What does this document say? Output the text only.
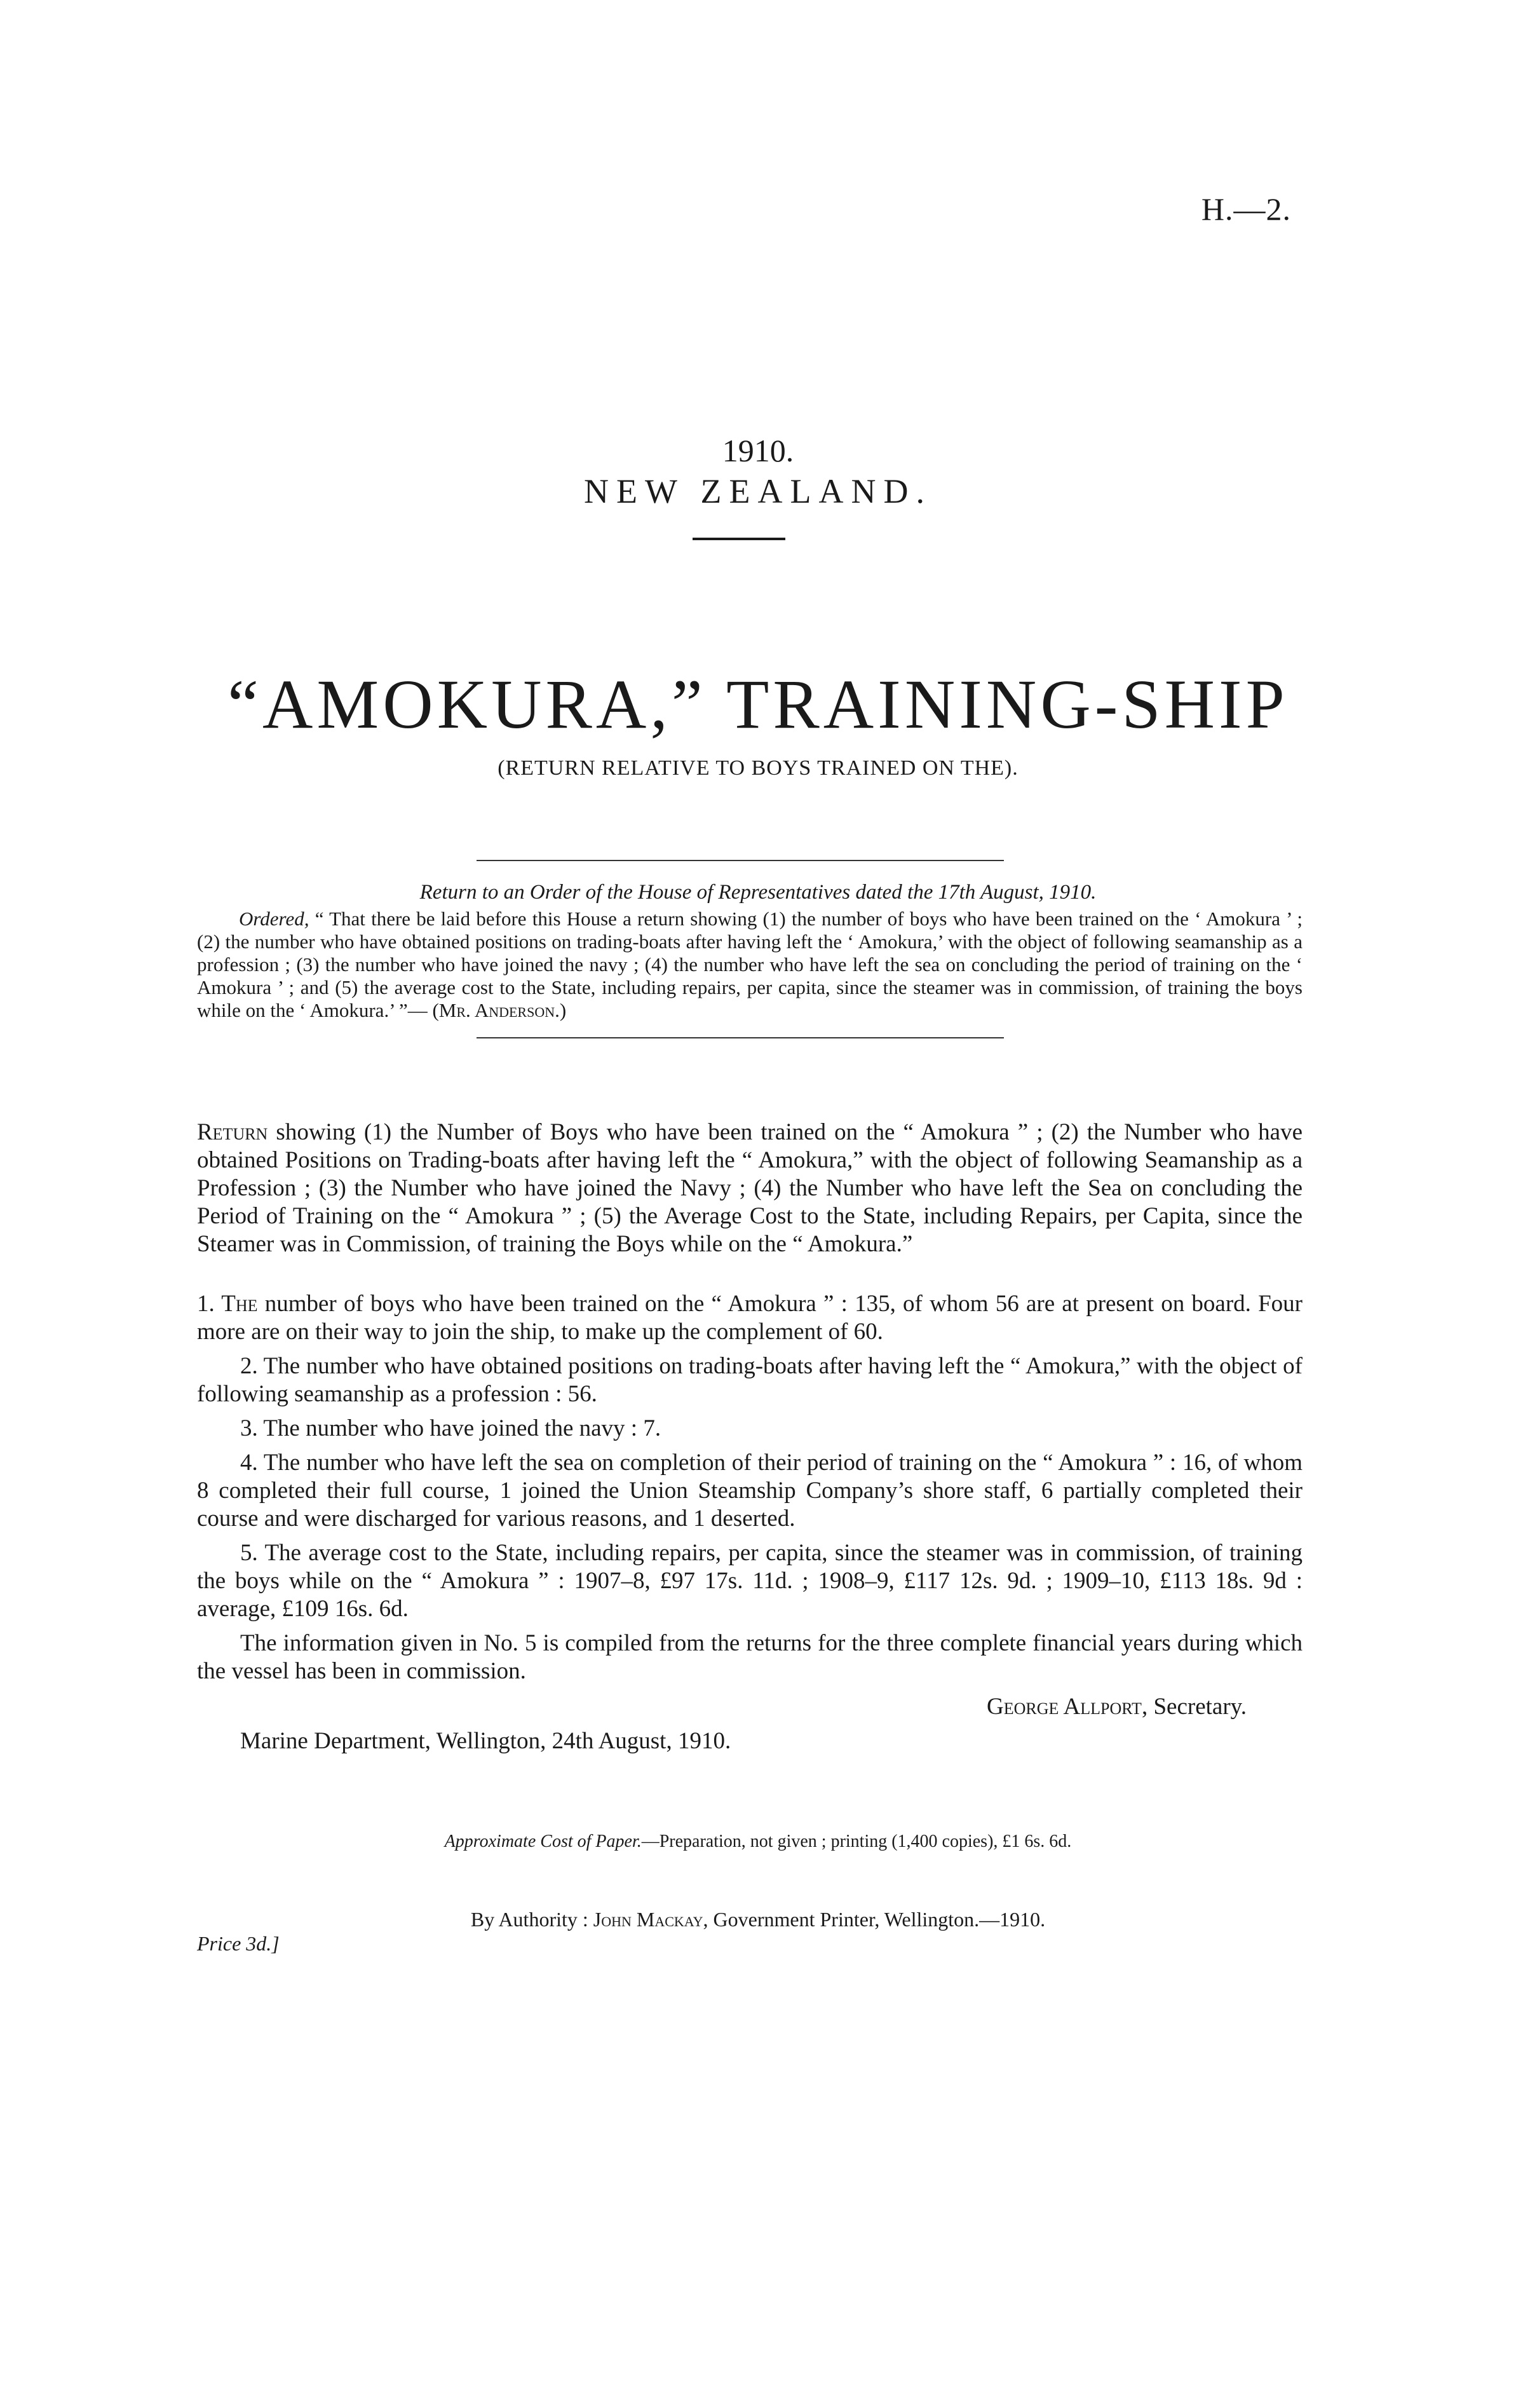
H.—2.
1910.
NEW ZEALAND.
“AMOKURA,” TRAINING-SHIP
(RETURN RELATIVE TO BOYS TRAINED ON THE).
Return to an Order of the House of Representatives dated the 17th August, 1910.
Ordered, “ That there be laid before this House a return showing (1) the number of boys who have been trained on the ‘ Amokura ’ ; (2) the number who have obtained positions on trading-boats after having left the ‘ Amokura,’ with the object of following seamanship as a profession ; (3) the number who have joined the navy ; (4) the number who have left the sea on concluding the period of training on the ‘ Amokura ’ ; and (5) the average cost to the State, including repairs, per capita, since the steamer was in commission, of training the boys while on the ‘ Amokura.’ ”— (Mr. Anderson.)
Return showing (1) the Number of Boys who have been trained on the “ Amokura ” ; (2) the Number who have obtained Positions on Trading-boats after having left the “ Amokura,” with the object of following Seamanship as a Profession ; (3) the Number who have joined the Navy ; (4) the Number who have left the Sea on concluding the Period of Training on the “ Amokura ” ; (5) the Average Cost to the State, including Repairs, per Capita, since the Steamer was in Commission, of training the Boys while on the “ Amokura.”

1. The number of boys who have been trained on the “ Amokura ” : 135, of whom 56 are at present on board. Four more are on their way to join the ship, to make up the complement of 60.

2. The number who have obtained positions on trading-boats after having left the “ Amokura,” with the object of following seamanship as a profession : 56.

3. The number who have joined the navy : 7.

4. The number who have left the sea on completion of their period of training on the “ Amokura ” : 16, of whom 8 completed their full course, 1 joined the Union Steamship Company’s shore staff, 6 partially completed their course and were discharged for various reasons, and 1 deserted.

5. The average cost to the State, including repairs, per capita, since the steamer was in commission, of training the boys while on the “ Amokura ” : 1907–8, £97 17s. 11d. ; 1908–9, £117 12s. 9d. ; 1909–10, £113 18s. 9d : average, £109 16s. 6d.

The information given in No. 5 is compiled from the returns for the three complete financial years during which the vessel has been in commission.

George Allport, Secretary.
Marine Department, Wellington, 24th August, 1910.
Approximate Cost of Paper.—Preparation, not given ; printing (1,400 copies), £1 6s. 6d.
By Authority : John Mackay, Government Printer, Wellington.—1910.
Price 3d.]
